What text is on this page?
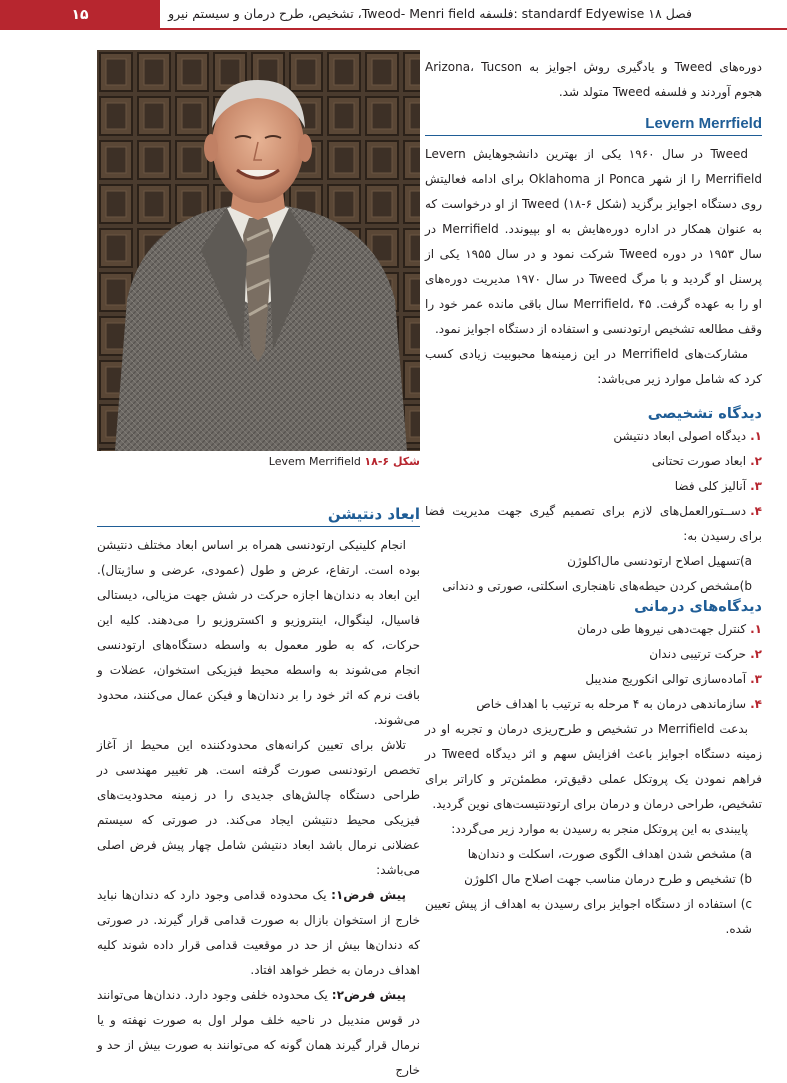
۱۵	فصل ۱۸ standardf Edyewise :فلسفه Tweod- Menri field، تشخیص، طرح درمان و سیستم نیرو
شکل ۶-۱۸ Levem Merrifield

دوره‌های Tweed و یادگیری روش اجوایز به Arizona، Tucson هجوم آوردند و فلسفه Tweed متولد شد.

Levern Merrfield

Tweed در سال ۱۹۶۰ یکی از بهترین دانشجوهایش Levern Merrifield را از شهر Ponca از Oklahoma برای ادامه فعالیتش روی دستگاه اجوایز برگزید (شکل ۶-۱۸) Tweed از او درخواست که به عنوان همکار در اداره دوره‌هایش به او بپیوندد. Merrifield در سال ۱۹۵۳ در دوره Tweed شرکت نمود و در سال ۱۹۵۵ یکی از پرسنل او گردید و با مرگ Tweed در سال ۱۹۷۰ مدیریت دوره‌های او را به عهده گرفت. Merrifield، ۴۵ سال باقی مانده عمر خود را وقف مطالعه تشخیص ارتودنسی و استفاده از دستگاه اجوایز نمود.

مشارکت‌های Merrifield در این زمینه‌ها محبوبیت زیادی کسب کرد که شامل موارد زیر می‌باشد:

دیدگاه تشخیصی
۱.دیدگاه اصولی ابعاد دنتیشن
۲.ابعاد صورت تحتانی
۳.آنالیز کلی فضا
۴.دســتورالعمل‌های لازم برای تصمیم گیری جهت مدیریت فضا برای رسیدن به:
a)تسهیل اصلاح ارتودنسی مال‌اکلوژن
b)مشخص کردن حیطه‌های ناهنجاری اسکلتی، صورتی و دندانی
دیدگاه‌های درمانی
۱.کنترل جهت‌دهی نیروها طی درمان
۲.حرکت ترتیبی دندان
۳.آماده‌سازی توالی انکوریج مندیبل
۴.سازماندهی درمان به ۴ مرحله به ترتیب با اهداف خاص

بدعت Merrifield در تشخیص و طرح‌ریزی درمان و تجربه او در زمینه دستگاه اجوایز باعث افزایش سهم و اثر دیدگاه Tweed در فراهم نمودن یک پروتکل عملی دقیق‌تر، مطمئن‌تر و کاراتر برای تشخیص، طراحی درمان و درمان برای ارتودنتیست‌های نوین گردید.

پایبندی به این پروتکل منجر به رسیدن به موارد زیر می‌گردد:

a) مشخص شدن اهداف الگوی صورت، اسکلت و دندان‌ها
b) تشخیص و طرح درمان مناسب جهت اصلاح مال اکلوژن
c) استفاده از دستگاه اجوایز برای رسیدن به اهداف از پیش تعیین شده.
ابعاد دنتیشن

انجام کلینیکی ارتودنسی همراه بر اساس ابعاد مختلف دنتیشن بوده است. ارتفاع، عرض و طول (عمودی، عرضی و ساژیتال). این ابعاد به دندان‌ها اجازه حرکت در شش جهت مزیالی، دیستالی فاسیال، لینگوال، اینتروزیو و اکستروزیو را می‌دهند. کلیه این حرکات، که به طور معمول به واسطه دستگاه‌های ارتودنسی انجام می‌شوند به واسطه محیط فیزیکی استخوان، عضلات و بافت نرم که اثر خود را بر دندان‌ها و فیکن عمال می‌کنند، محدود می‌شوند.

تلاش برای تعیین کرانه‌های محدودکننده این محیط از آغاز تخصص ارتودنسی صورت گرفته است. هر تغییر مهندسی در طراحی دستگاه چالش‌های جدیدی را در زمینه محدودیت‌های فیزیکی محیط دنتیشن ایجاد می‌کند. در صورتی که سیستم عضلانی نرمال باشد ابعاد دنتیشن شامل چهار پیش فرض اصلی می‌باشد:

پیش فرض۱: یک محدوده قدامی وجود دارد که دندان‌ها نباید خارج از استخوان بازال به صورت قدامی قرار گیرند. در صورتی که دندان‌ها بیش از حد در موقعیت قدامی قرار داده شوند کلیه اهداف درمان به خطر خواهد افتاد.

پیش فرض۲: یک محدوده خلفی وجود دارد. دندان‌ها می‌توانند در قوس مندیبل در ناحیه خلف مولر اول به صورت نهفته و یا نرمال قرار گیرند همان گونه که می‌توانند به صورت بیش از حد و خارج
